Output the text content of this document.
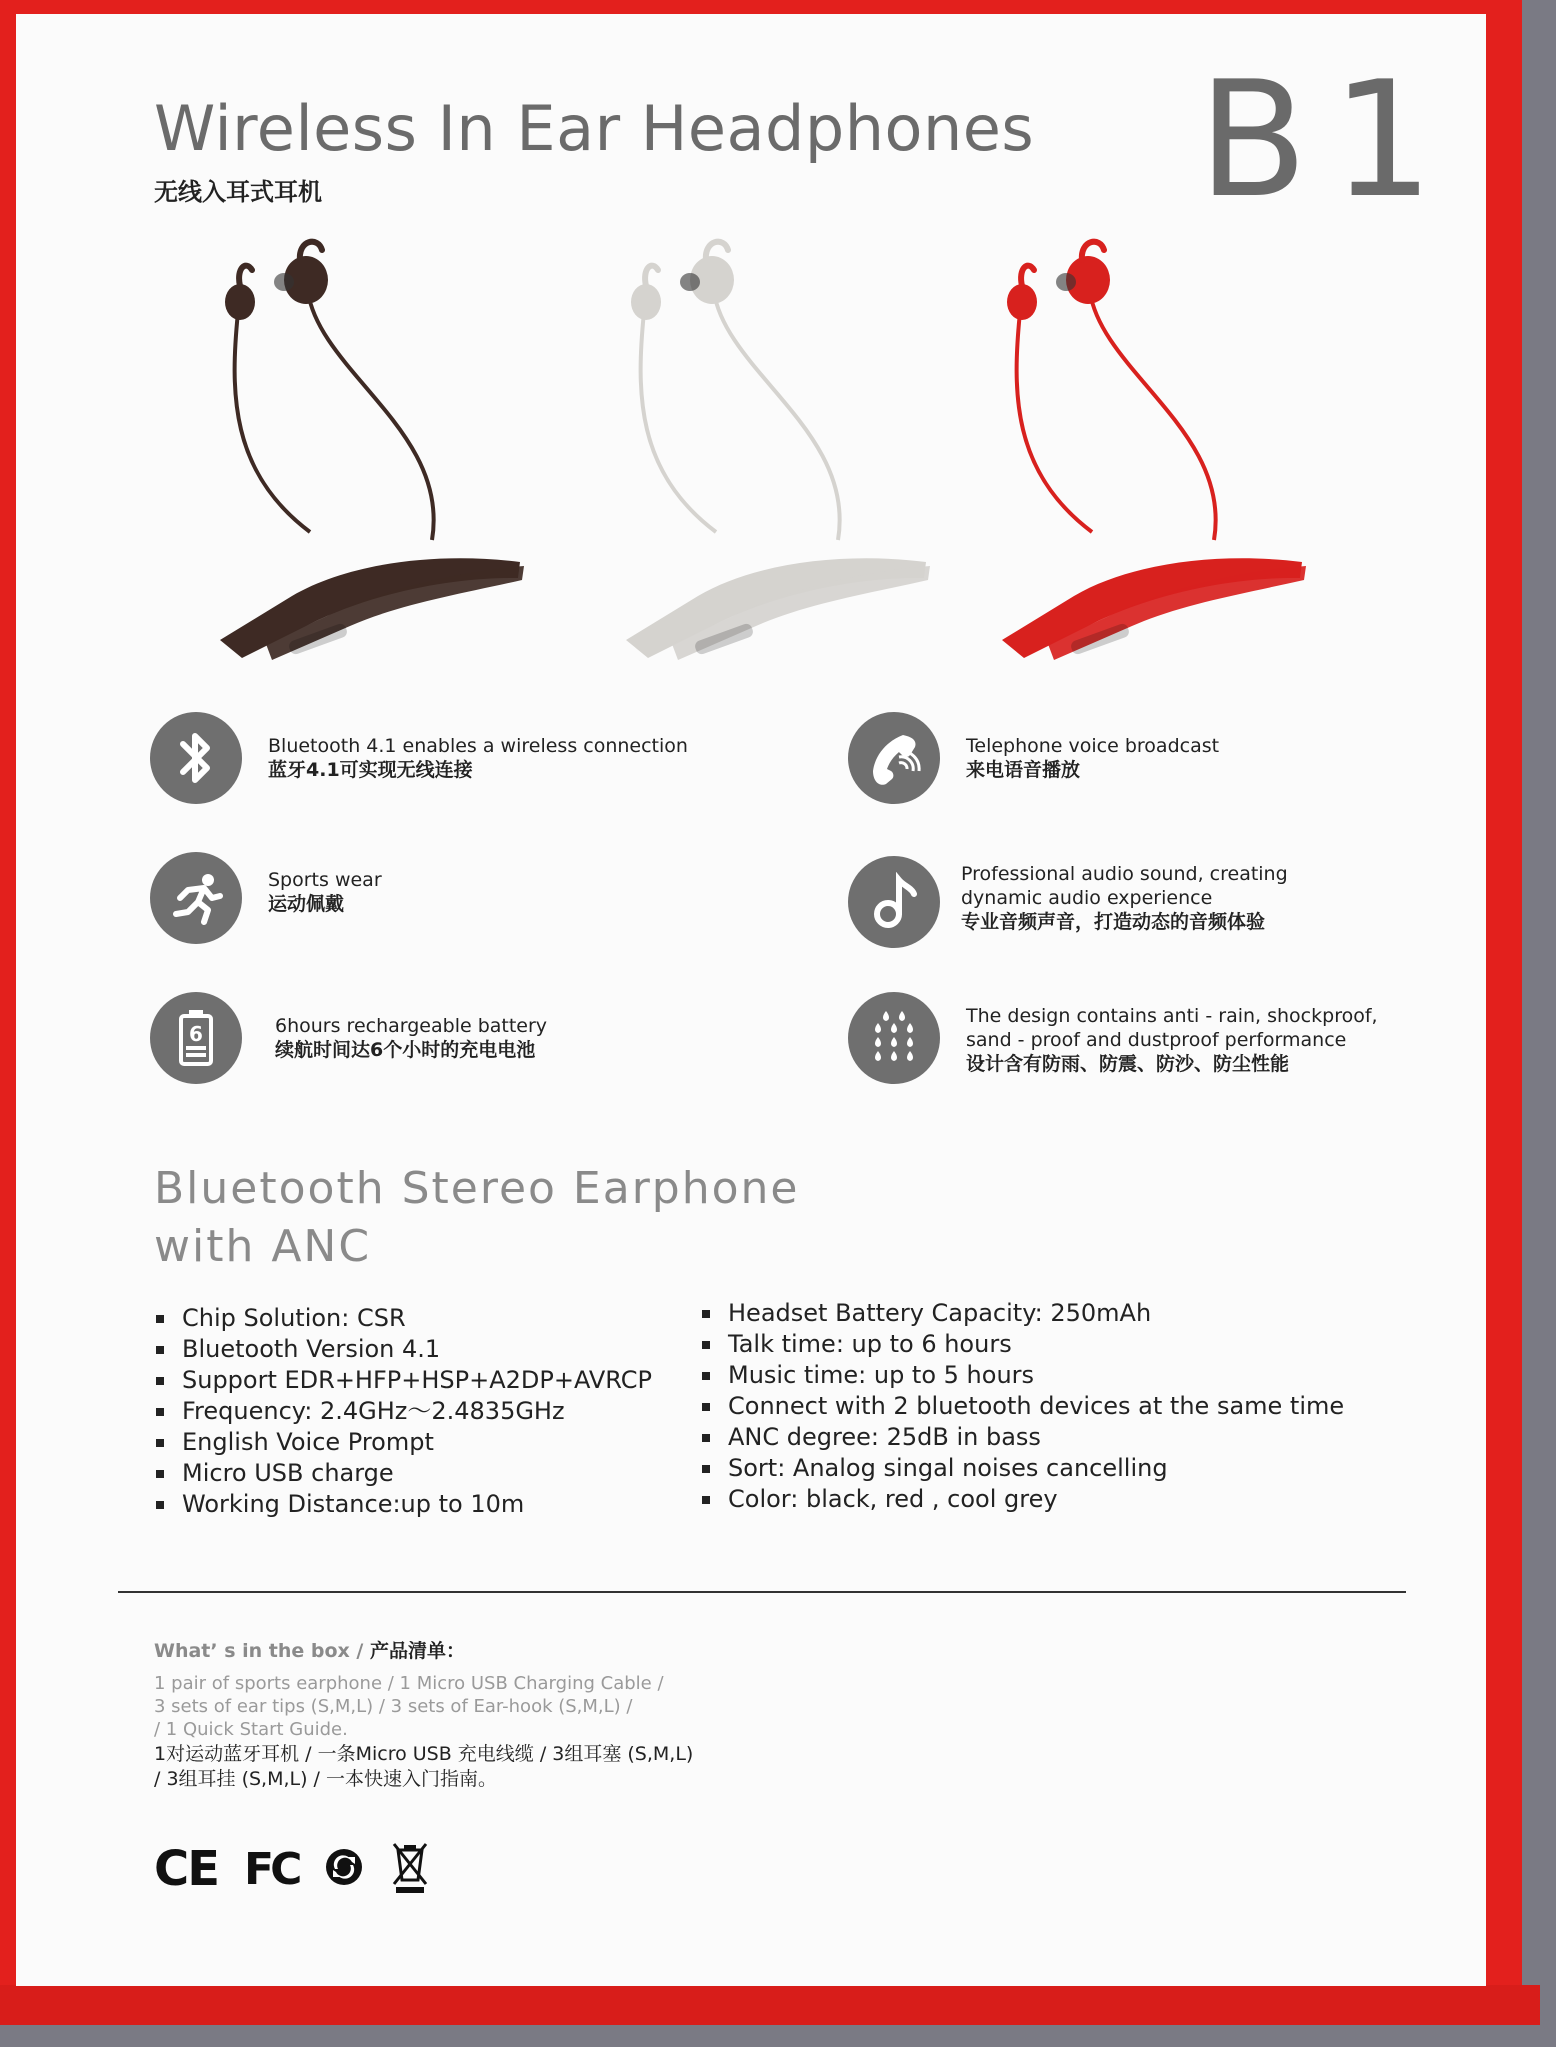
Wireless In Ear Headphones
无线入耳式耳机	B1
Bluetooth 4.1 enables a wireless connection
蓝牙4.1可实现无线连接
Telephone voice broadcast
来电语音播放
Sports wear
运动佩戴
Professional audio sound, creating
dynamic audio experience
专业音频声音，打造动态的音频体验
6	6hours rechargeable battery
续航时间达6个小时的充电电池
The design contains anti - rain, shockproof,
sand - proof and dustproof performance
设计含有防雨、防震、防沙、防尘性能
Bluetooth Stereo Earphone
with ANC
Chip Solution: CSR
Bluetooth Version 4.1
Support EDR+HFP+HSP+A2DP+AVRCP
Frequency: 2.4GHz～2.4835GHz
English Voice Prompt
Micro USB charge
Working Distance:up to 10m
Headset Battery Capacity: 250mAh
Talk time: up to 6 hours
Music time: up to 5 hours
Connect with 2 bluetooth devices at the same time
ANC degree: 25dB in bass
Sort: Analog singal noises cancelling
Color: black, red , cool grey
What’ s in the box / 产品清单：
1 pair of sports earphone / 1 Micro USB Charging Cable /
3 sets of ear tips (S,M,L) / 3 sets of Ear-hook (S,M,L) /
/ 1 Quick Start Guide.
1对运动蓝牙耳机 / 一条Micro USB 充电线缆 / 3组耳塞 (S,M,L)
/ 3组耳挂 (S,M,L) / 一本快速入门指南。
CE FC
